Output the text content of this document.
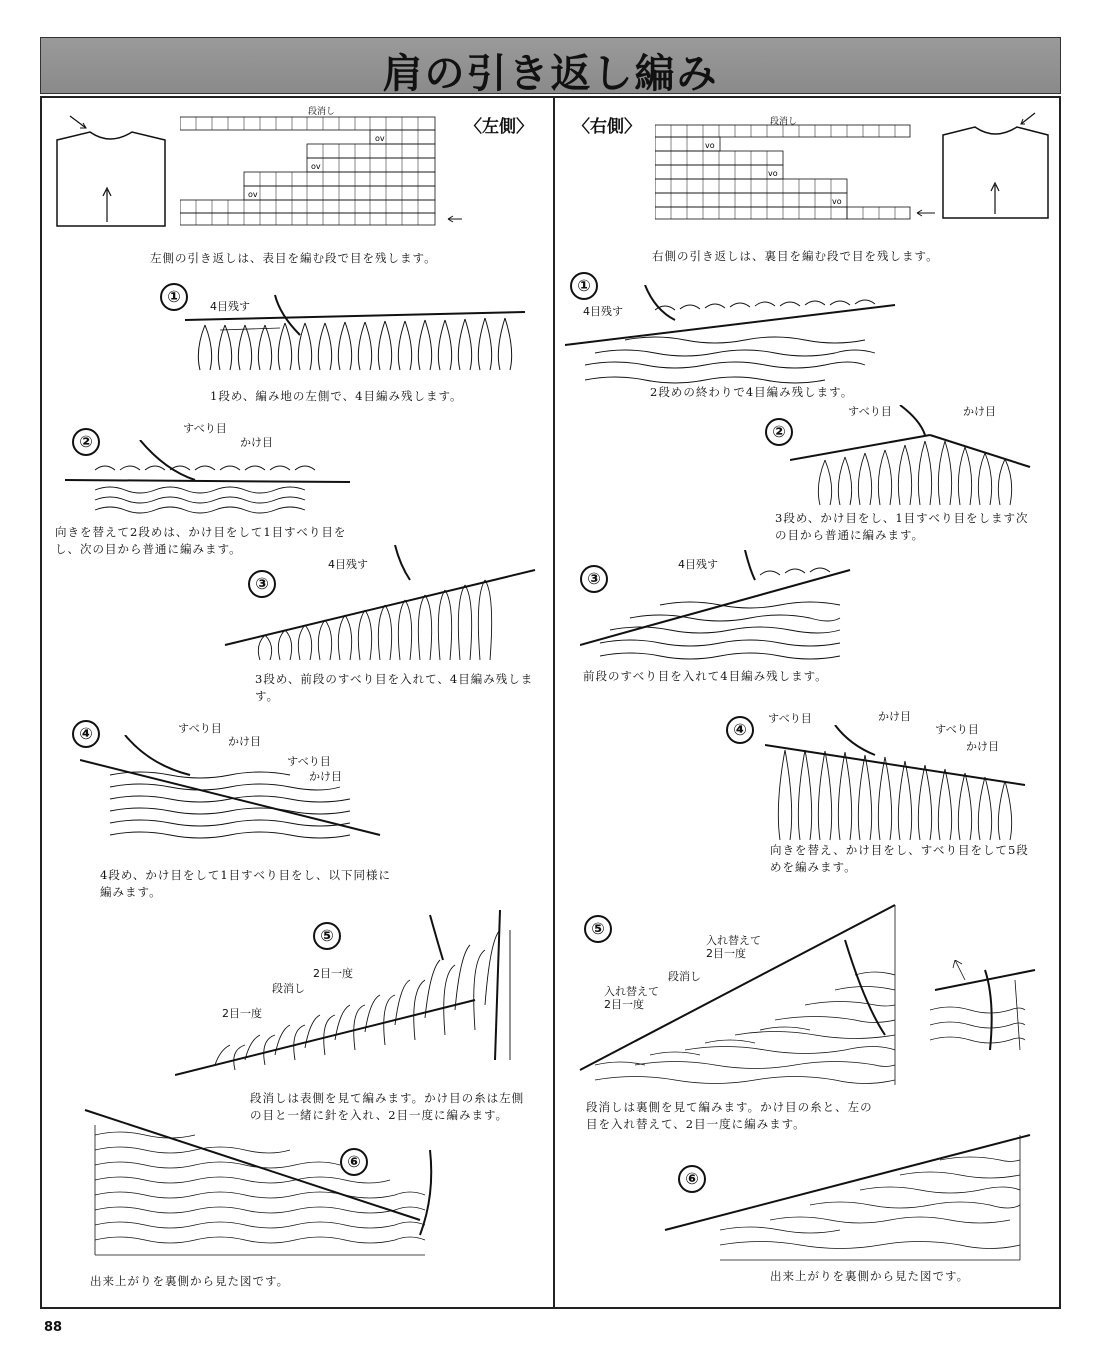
肩の引き返し編み
段消し
ov
ov
ov
〈左側〉
左側の引き返しは、表目を編む段で目を残します。
①
4目残す
1段め、編み地の左側で、4目編み残します。
②
すべり目
かけ目
向きを替えて2段めは、かけ目をして1目すべり目をし、次の目から普通に編みます。
③
4目残す
3段め、前段のすべり目を入れて、4目編み残します。
④	すべり目
かけ目
すべり目
かけ目
4段め、かけ目をして1目すべり目をし、以下同様に編みます。
⑤
2目一度
段消し
2目一度
段消しは表側を見て編みます。かけ目の糸は左側の目と一緒に針を入れ、2目一度に編みます。
⑥
出来上がりを裏側から見た図です。
〈右側〉	段消し
vo
vo
vo
右側の引き返しは、裏目を編む段で目を残します。
①
4目残す
2段めの終わりで4目編み残します。
②
すべり目	かけ目
3段め、かけ目をし、1目すべり目をします次の目から普通に編みます。
③
4目残す
前段のすべり目を入れて4目編み残します。
④
すべり目	かけ目
すべり目
かけ目
向きを替え、かけ目をし、すべり目をして5段めを編みます。
⑤
入れ替えて2目一度
段消し
入れ替えて2目一度
段消しは裏側を見て編みます。かけ目の糸と、左の目を入れ替えて、2目一度に編みます。
⑥
出来上がりを裏側から見た図です。
88
